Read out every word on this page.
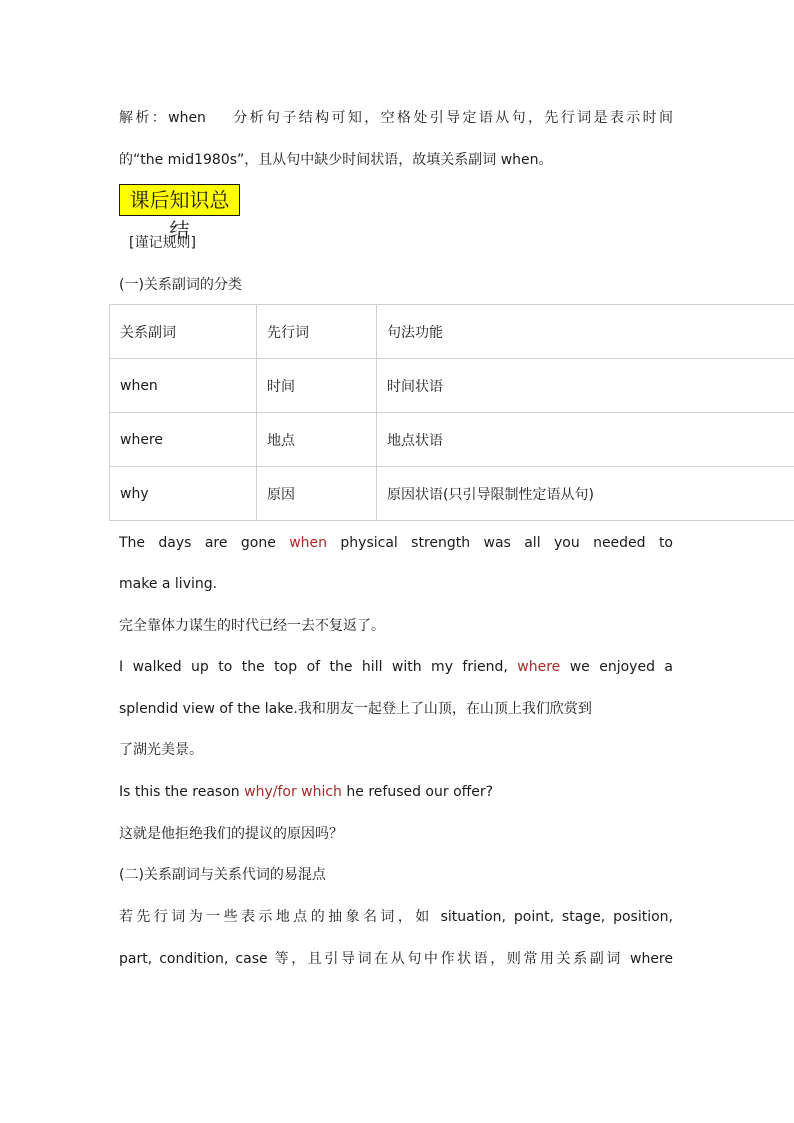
解析：when 分析句子结构可知，空格处引导定语从句，先行词是表示时间
的“the mid1980s”，且从句中缺少时间状语，故填关系副词 when。
课后知识总结
[谨记规则]
(一)关系副词的分类
关系副词	先行词	句法功能
when	时间	时间状语
where	地点	地点状语
why	原因	原因状语(只引导限制性定语从句)
The days are gone when physical strength was all you needed to
make a living.
完全靠体力谋生的时代已经一去不复返了。
I walked up to the top of the hill with my friend, where we enjoyed a
splendid view of the lake.我和朋友一起登上了山顶，在山顶上我们欣赏到
了湖光美景。
Is this the reason why/for which he refused our offer?
这就是他拒绝我们的提议的原因吗？
(二)关系副词与关系代词的易混点
若先行词为一些表示地点的抽象名词，如 situation, point, stage, position,
part, condition, case 等，且引导词在从句中作状语，则常用关系副词 where
